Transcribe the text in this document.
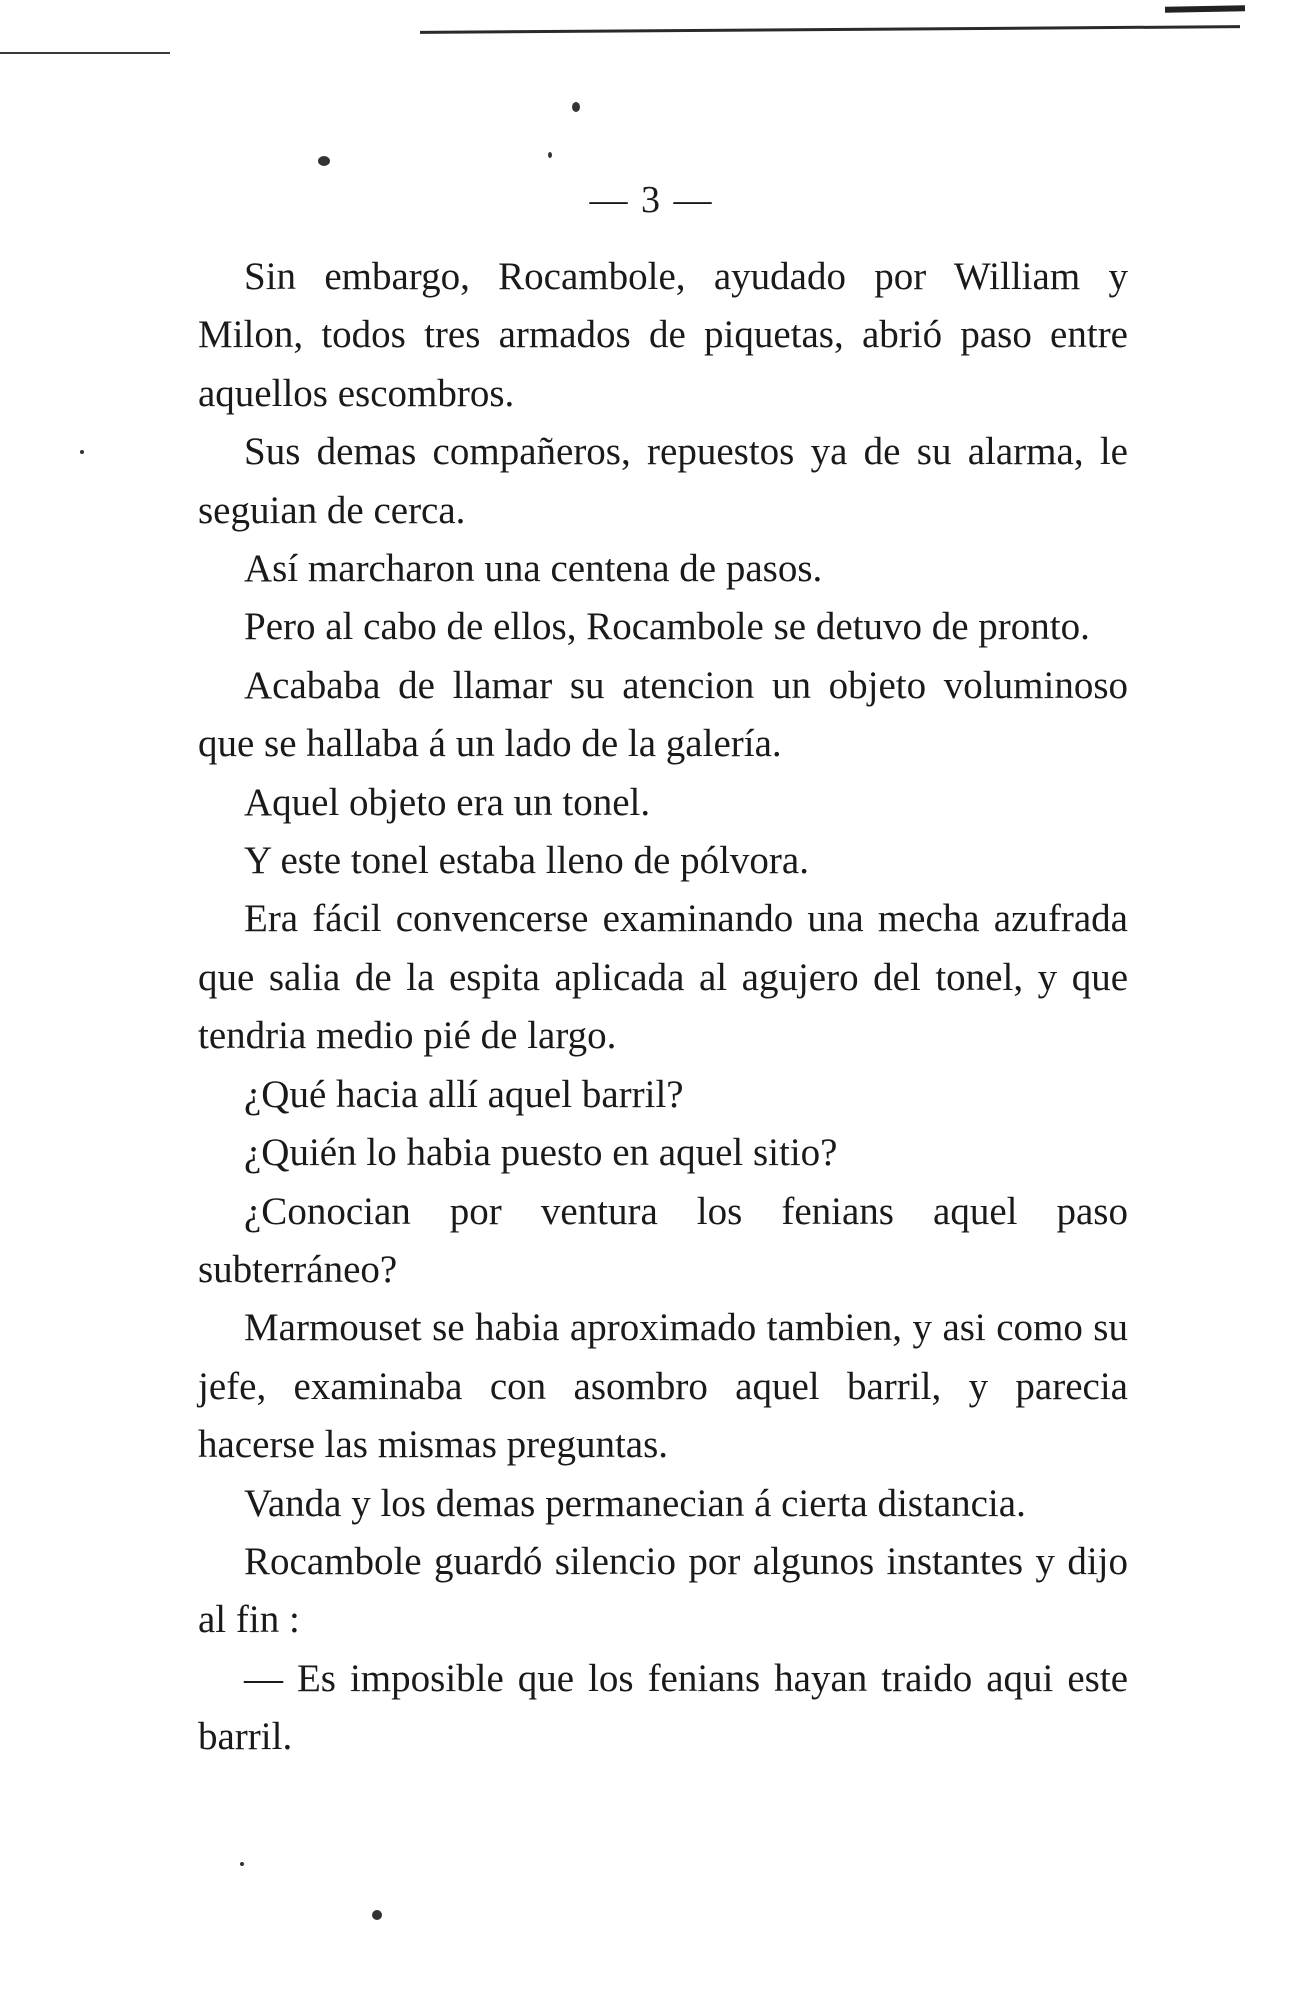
— 3 —

Sin embargo, Rocambole, ayudado por William y Milon, todos tres armados de piquetas, abrió paso entre aquellos escombros.

Sus demas compañeros, repuestos ya de su alarma, le seguian de cerca.

Así marcharon una centena de pasos.

Pero al cabo de ellos, Rocambole se detuvo de pronto.

Acababa de llamar su atencion un objeto voluminoso que se hallaba á un lado de la galería.

Aquel objeto era un tonel.

Y este tonel estaba lleno de pólvora.

Era fácil convencerse examinando una mecha azufrada que salia de la espita aplicada al agujero del tonel, y que tendria medio pié de largo.

¿Qué hacia allí aquel barril?

¿Quién lo habia puesto en aquel sitio?

¿Conocian por ventura los fenians aquel paso subterráneo?

Marmouset se habia aproximado tambien, y asi como su jefe, examinaba con asombro aquel barril, y parecia hacerse las mismas preguntas.

Vanda y los demas permanecian á cierta distancia.

Rocambole guardó silencio por algunos instantes y dijo al fin :

— Es imposible que los fenians hayan traido aqui este barril.
